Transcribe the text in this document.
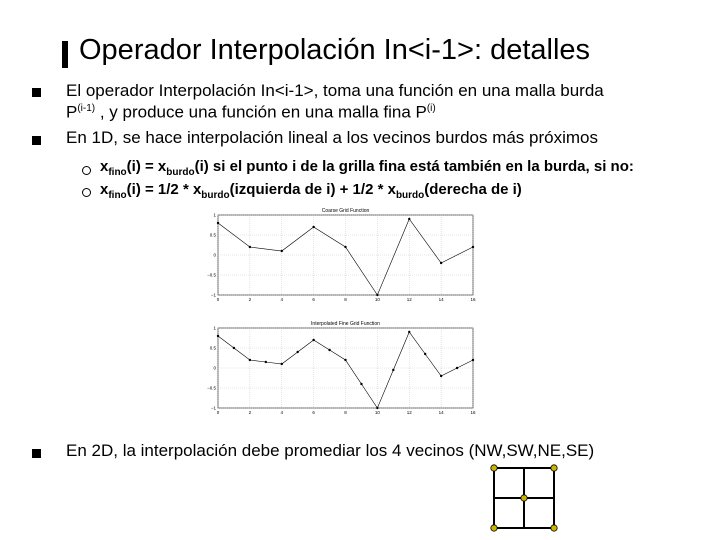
Operador Interpolación In<i-1>: detalles
El operador Interpolación In<i-1>, toma una función en una malla burda
$P^{(i-1)}$ , y produce una función en una malla fina $P^{(i)}$
En 1D, se hace interpolación lineal a los vecinos burdos más próximos
$x_{fino}(i) = x_{burdo}(i)$ si el punto i de la grilla fina está también en la burda, si no:
$x_{fino}(i) = 1/2$ * $x_{burdo}(izquierda$ de $i) + 1/2 * x_{burdo}(derecha$ de i)
Coarse Grid Function
1
0.5
0
−0.5
−1
0	2	4	6	8	10	12	14	16
Interpolated Fine Grid Function
1
0.5
0
−0.5
−1
0	2	4	6	8	10	12	14	16
En 2D, la interpolación debe promediar los 4 vecinos (NW,SW,NE,SE)
